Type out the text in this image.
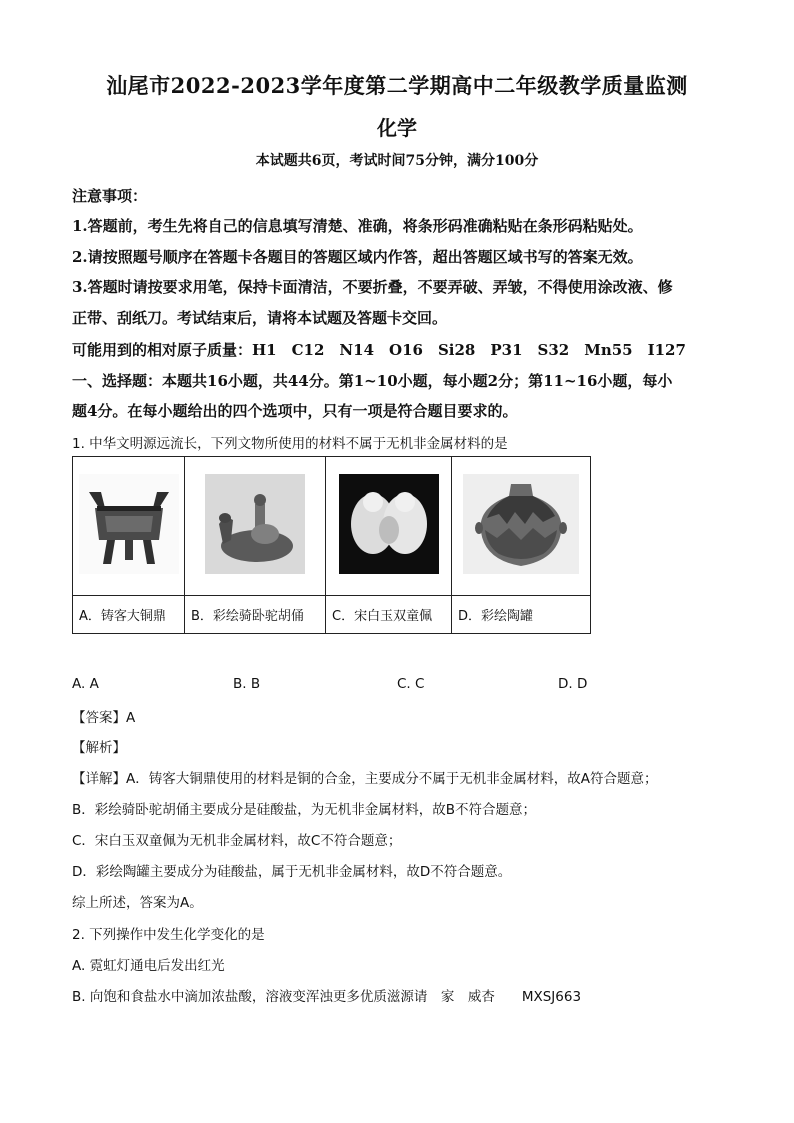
汕尾市2022-2023学年度第二学期高中二年级教学质量监测
化学
本试题共6页，考试时间75分钟，满分100分
注意事项：
1.答题前，考生先将自己的信息填写清楚、准确，将条形码准确粘贴在条形码粘贴处。
2.请按照题号顺序在答题卡各题目的答题区域内作答，超出答题区域书写的答案无效。
3.答题时请按要求用笔，保持卡面清洁，不要折叠，不要弄破、弄皱，不得使用涂改液、修
正带、刮纸刀。考试结束后，请将本试题及答题卡交回。
可能用到的相对原子质量：H1　C12　N14　O16　Si28　P31　S32　Mn55　I127
一、选择题：本题共16小题，共44分。第1~10小题，每小题2分；第11~16小题，每小
题4分。在每小题给出的四个选项中，只有一项是符合题目要求的。
1. 中华文明源远流长，下列文物所使用的材料不属于无机非金属材料的是

A．铸客大铜鼎	B．彩绘骑卧驼胡俑	C．宋白玉双童佩	D．彩绘陶罐
A. A	B. B	C. C	D. D
【答案】A
【解析】
【详解】A．铸客大铜鼎使用的材料是铜的合金，主要成分不属于无机非金属材料，故A符合题意；
B．彩绘骑卧驼胡俑主要成分是硅酸盐，为无机非金属材料，故B不符合题意；
C．宋白玉双童佩为无机非金属材料，故C不符合题意；
D．彩绘陶罐主要成分为硅酸盐，属于无机非金属材料，故D不符合题意。
综上所述，答案为A。
2. 下列操作中发生化学变化的是
A. 霓虹灯通电后发出红光
B. 向饱和食盐水中滴加浓盐酸，溶液变浑浊更多优质滋源请　家　威杏　　MXSJ663
